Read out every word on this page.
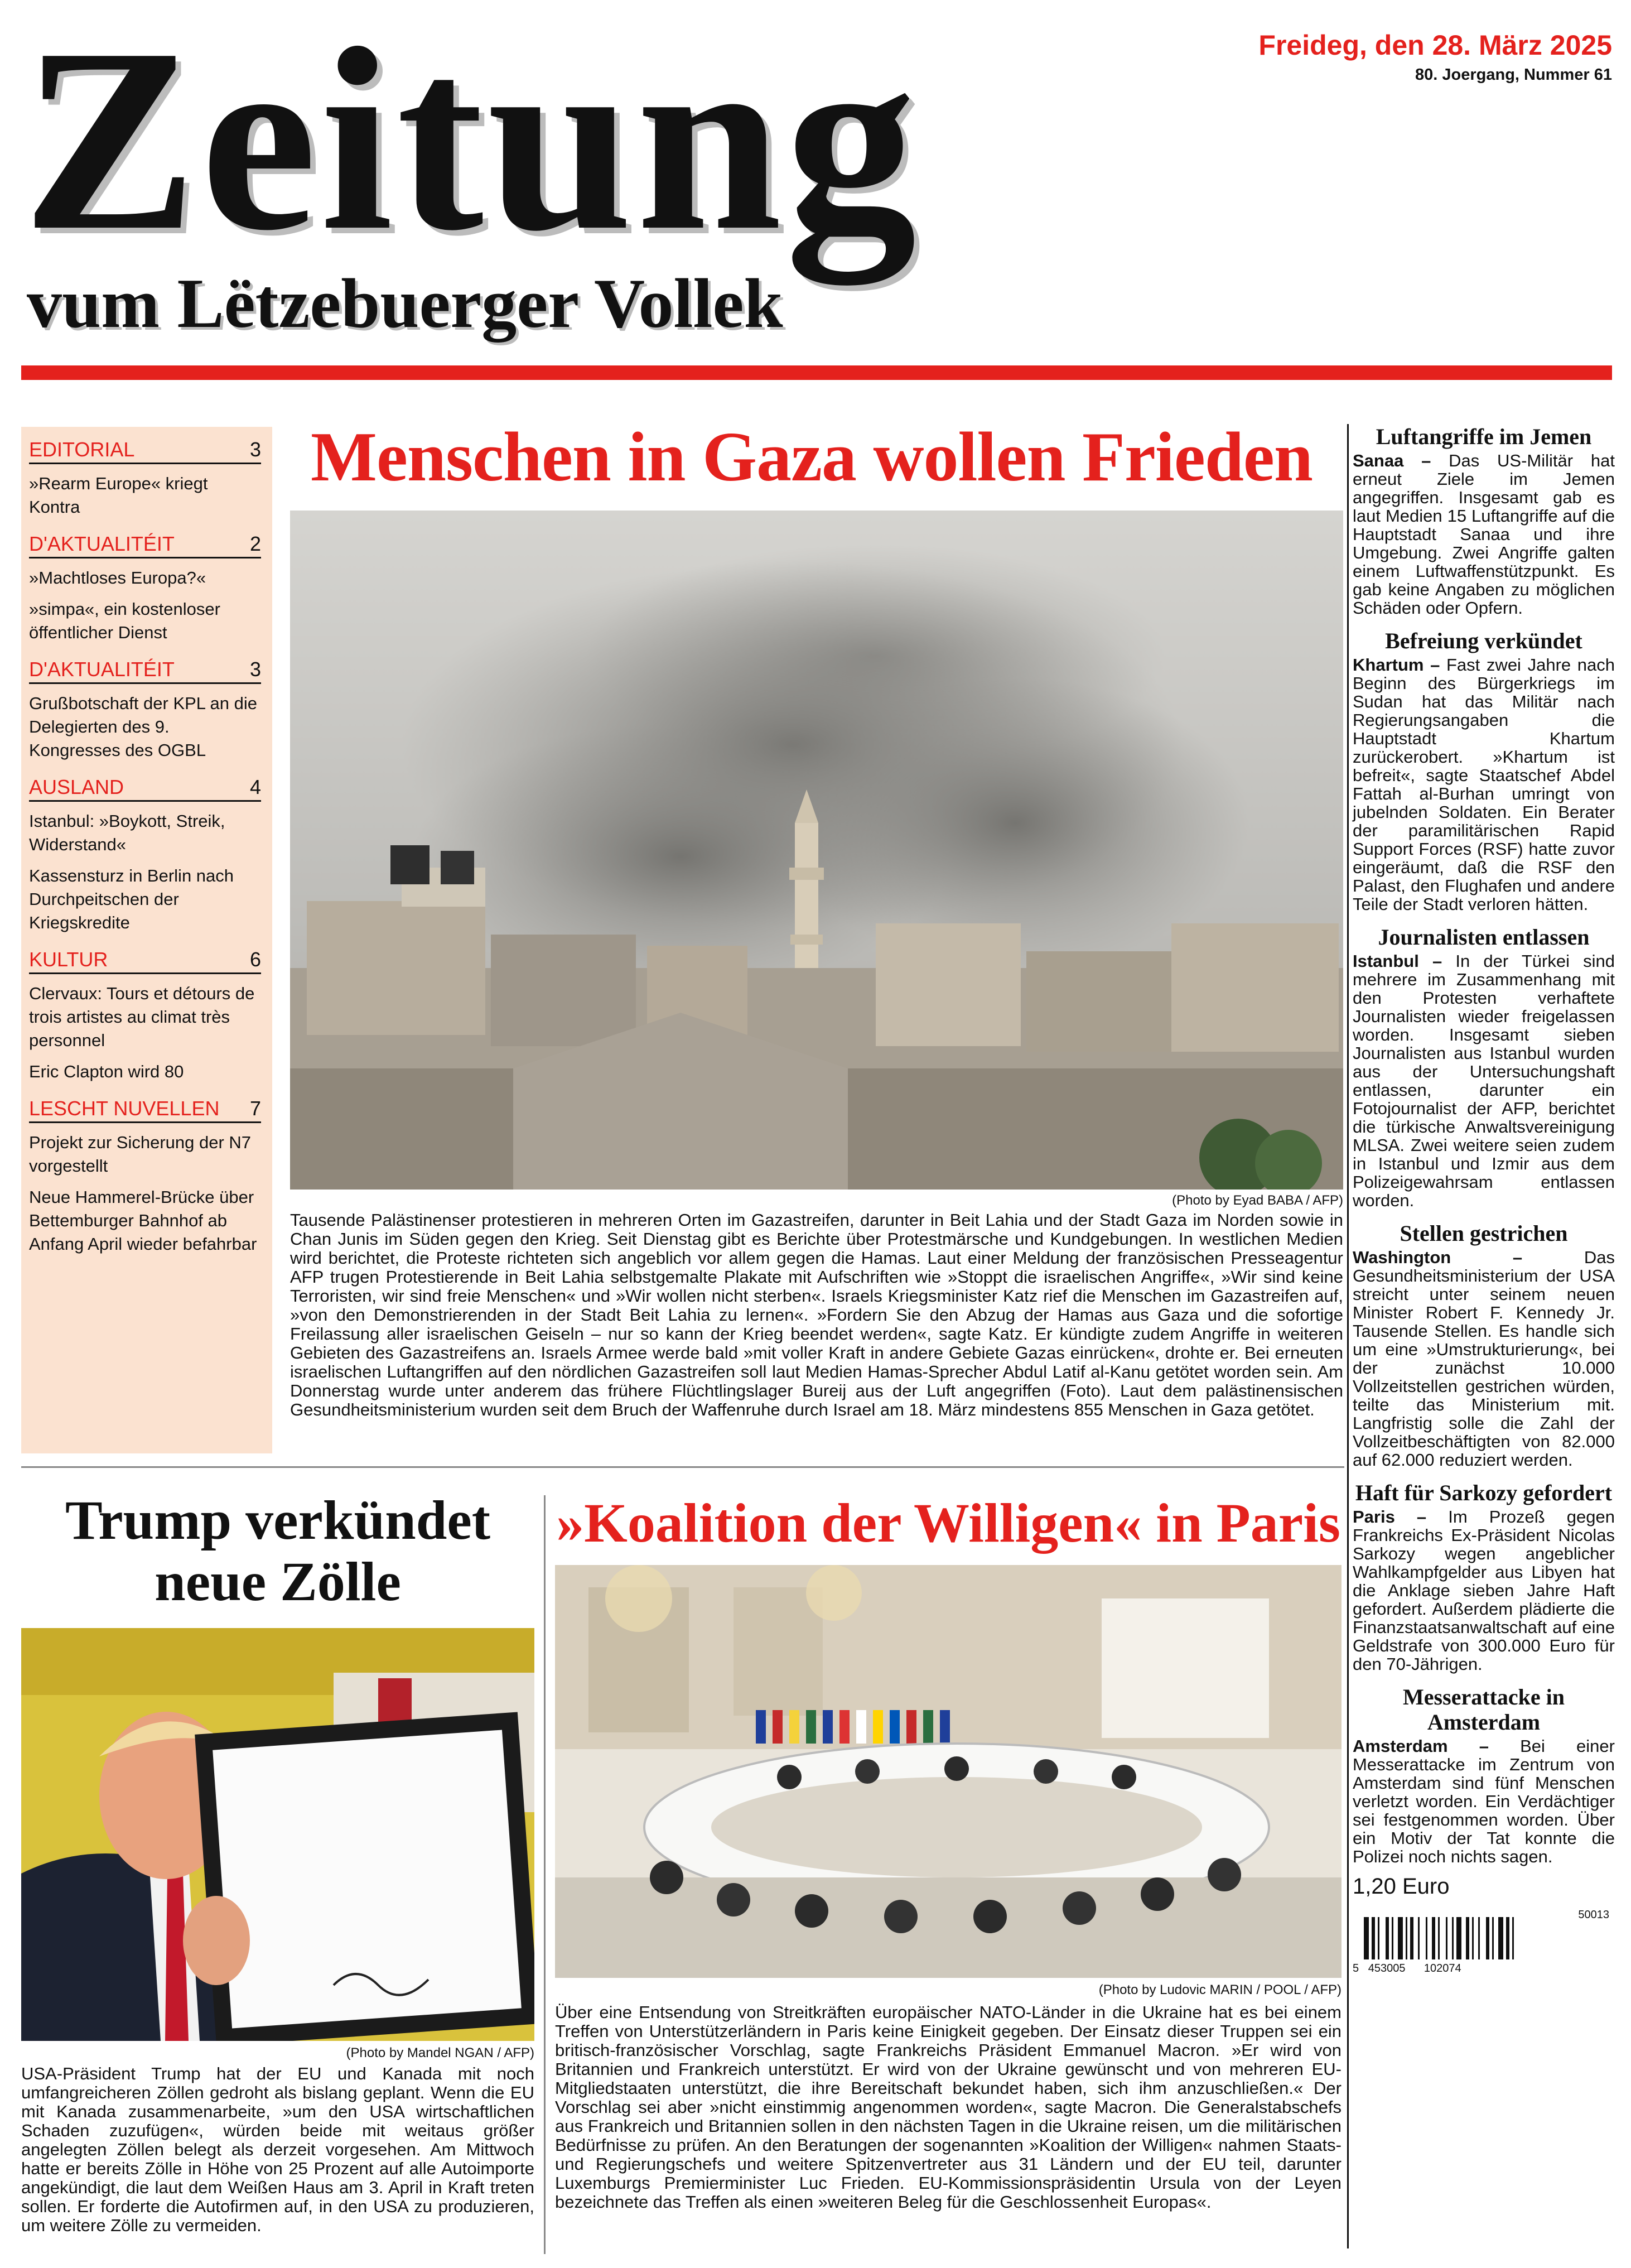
Zeitung
vum Lëtzebuerger Vollek
Freideg, den 28. März 2025
80. Joergang, Nummer 61
EDITORIAL	3
»Rearm Europe« kriegt Kontra
D'AKTUALITÉIT	2
»Machtloses Europa?«
»simpa«, ein kostenloser öffentlicher Dienst
D'AKTUALITÉIT	3
Grußbotschaft der KPL an die Delegierten des 9. Kongresses des OGBL
AUSLAND	4
Istanbul: »Boykott, Streik, Widerstand«
Kassensturz in Berlin nach Durchpeitschen der Kriegskredite
KULTUR	6
Clervaux: Tours et détours de trois artistes au climat très personnel
Eric Clapton wird 80
LESCHT NUVELLEN 7
Projekt zur Sicherung der N7 vorgestellt
Neue Hammerel-Brücke über Bettemburger Bahnhof ab Anfang April wieder befahrbar
Menschen in Gaza wollen Frieden
(Photo by Eyad BABA / AFP)
Tausende Palästinenser protestieren in mehreren Orten im Gazastreifen, darunter in Beit Lahia und der Stadt Gaza im Norden sowie in Chan Junis im Süden gegen den Krieg. Seit Dienstag gibt es Berichte über Protestmärsche und Kundgebungen. In westlichen Medien wird berichtet, die Proteste richteten sich angeblich vor allem gegen die Hamas. Laut einer Meldung der französischen Presseagentur AFP trugen Protestierende in Beit Lahia selbstgemalte Plakate mit Aufschriften wie »Stoppt die israelischen Angriffe«, »Wir sind keine Terroristen, wir sind freie Menschen« und »Wir wollen nicht sterben«. Israels Kriegsminister Katz rief die Menschen im Gazastreifen auf, »von den Demonstrierenden in der Stadt Beit Lahia zu lernen«. »Fordern Sie den Abzug der Hamas aus Gaza und die sofortige Freilassung aller israelischen Geiseln – nur so kann der Krieg beendet werden«, sagte Katz. Er kündigte zudem Angriffe in weiteren Gebieten des Gazastreifens an. Israels Armee werde bald »mit voller Kraft in andere Gebiete Gazas einrücken«, drohte er. Bei erneuten israelischen Luftangriffen auf den nördlichen Gazastreifen soll laut Medien Hamas-Sprecher Abdul Latif al-Kanu getötet worden sein. Am Donnerstag wurde unter anderem das frühere Flüchtlingslager Bureij aus der Luft angegriffen (Foto). Laut dem palästinensischen Gesundheitsministerium wurden seit dem Bruch der Waffenruhe durch Israel am 18. März mindestens 855 Menschen in Gaza getötet.
Luftangriffe im Jemen
Sanaa – Das US-Militär hat erneut Ziele im Jemen angegriffen. Insgesamt gab es laut Medien 15 Luftangriffe auf die Hauptstadt Sanaa und ihre Umgebung. Zwei Angriffe galten einem Luftwaffenstützpunkt. Es gab keine Angaben zu möglichen Schäden oder Opfern.
Befreiung verkündet
Khartum – Fast zwei Jahre nach Beginn des Bürgerkriegs im Sudan hat das Militär nach Regierungsangaben die Hauptstadt Khartum zurückerobert. »Khartum ist befreit«, sagte Staatschef Abdel Fattah al-Burhan umringt von jubelnden Soldaten. Ein Berater der paramilitärischen Rapid Support Forces (RSF) hatte zuvor eingeräumt, daß die RSF den Palast, den Flughafen und andere Teile der Stadt verloren hätten.
Journalisten entlassen
Istanbul – In der Türkei sind mehrere im Zusammenhang mit den Protesten verhaftete Journalisten wieder freigelassen worden. Insgesamt sieben Journalisten aus Istanbul wurden aus der Untersuchungshaft entlassen, darunter ein Fotojournalist der AFP, berichtet die türkische Anwaltsvereinigung MLSA. Zwei weitere seien zudem in Istanbul und Izmir aus dem Polizeigewahrsam entlassen worden.
Stellen gestrichen
Washington –	Das Gesundheitsministerium der USA streicht unter seinem neuen Minister Robert F. Kennedy Jr. Tausende Stellen. Es handle sich um eine »Umstrukturierung«, bei der zunächst 10.000 Vollzeitstellen gestrichen würden, teilte das Ministerium mit. Langfristig solle die Zahl der Vollzeitbeschäftigten von 82.000 auf 62.000 reduziert werden.
Haft für Sarkozy gefordert
Paris – Im Prozeß gegen Frankreichs Ex-Präsident Nicolas Sarkozy wegen angeblicher Wahlkampfgelder aus Libyen hat die Anklage sieben Jahre Haft gefordert. Außerdem plädierte die Finanzstaatsanwaltschaft auf eine Geldstrafe von 300.000 Euro für den 70-Jährigen.
Messerattacke in Amsterdam
Amsterdam – Bei einer Messerattacke im Zentrum von Amsterdam sind fünf Menschen verletzt worden. Ein Verdächtiger sei festgenommen worden. Über ein Motiv der Tat konnte die Polizei noch nichts sagen.
1,20 Euro
50013
5 453005 102074
Trump verkündet neue Zölle
(Photo by Mandel NGAN / AFP)
USA-Präsident Trump hat der EU und Kanada mit noch umfangreicheren Zöllen gedroht als bislang geplant. Wenn die EU mit Kanada zusammenarbeite, »um den USA wirtschaftlichen Schaden zuzufügen«, würden beide mit weitaus größer angelegten Zöllen belegt als derzeit vorgesehen. Am Mittwoch hatte er bereits Zölle in Höhe von 25 Prozent auf alle Autoimporte angekündigt, die laut dem Weißen Haus am 3. April in Kraft treten sollen. Er forderte die Autofirmen auf, in den USA zu produzieren, um weitere Zölle zu vermeiden.
»Koalition der Willigen« in Paris
(Photo by Ludovic MARIN / POOL / AFP)
Über eine Entsendung von Streitkräften europäischer NATO-Länder in die Ukraine hat es bei einem Treffen von Unterstützerländern in Paris keine Einigkeit gegeben. Der Einsatz dieser Truppen sei ein britisch-französischer Vorschlag, sagte Frankreichs Präsident Emmanuel Macron. »Er wird von Britannien und Frankreich unterstützt. Er wird von der Ukraine gewünscht und von mehreren EU-Mitgliedstaaten unterstützt, die ihre Bereitschaft bekundet haben, sich ihm anzuschließen.« Der Vorschlag sei aber »nicht einstimmig angenommen worden«, sagte Macron. Die Generalstabschefs aus Frankreich und Britannien sollen in den nächsten Tagen in die Ukraine reisen, um die militärischen Bedürfnisse zu prüfen. An den Beratungen der sogenannten »Koalition der Willigen« nahmen Staats- und Regierungschefs und weitere Spitzenvertreter aus 31 Ländern und der EU teil, darunter Luxemburgs Premierminister Luc Frieden. EU-Kommissionspräsidentin Ursula von der Leyen bezeichnete das Treffen als einen »weiteren Beleg für die Geschlossenheit Europas«.
